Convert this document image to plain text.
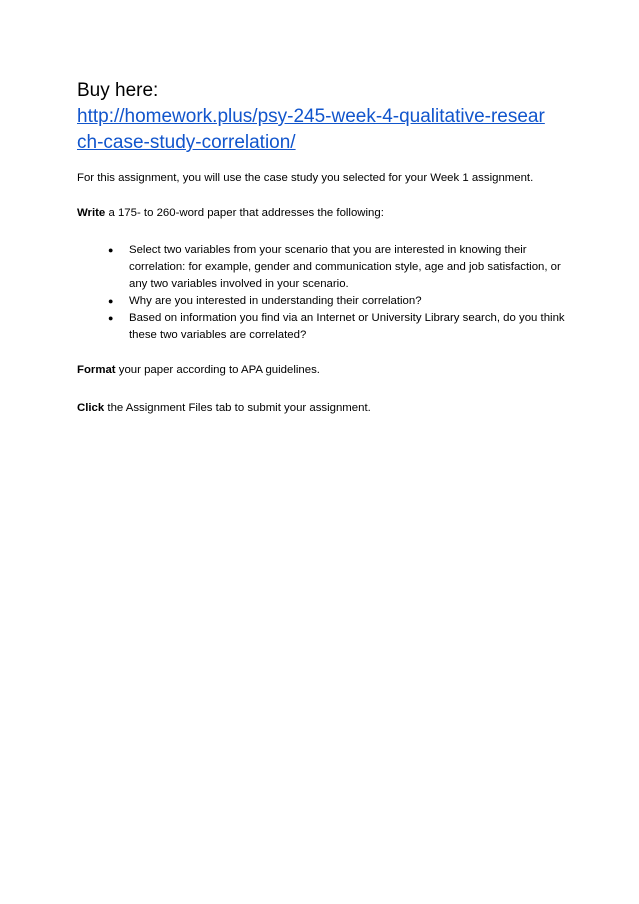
Buy here:

http://homework.plus/psy-245-week-4-qualitative-resear
ch-case-study-correlation/

For this assignment, you will use the case study you selected for your Week 1 assignment.

Write a 175- to 260-word paper that addresses the following:

● Select two variables from your scenario that you are interested in knowing their correlation: for example, gender and communication style, age and job satisfaction, or any two variables involved in your scenario.
● Why are you interested in understanding their correlation?
● Based on information you find via an Internet or University Library search, do you think these two variables are correlated?

Format your paper according to APA guidelines.

Click the Assignment Files tab to submit your assignment.
